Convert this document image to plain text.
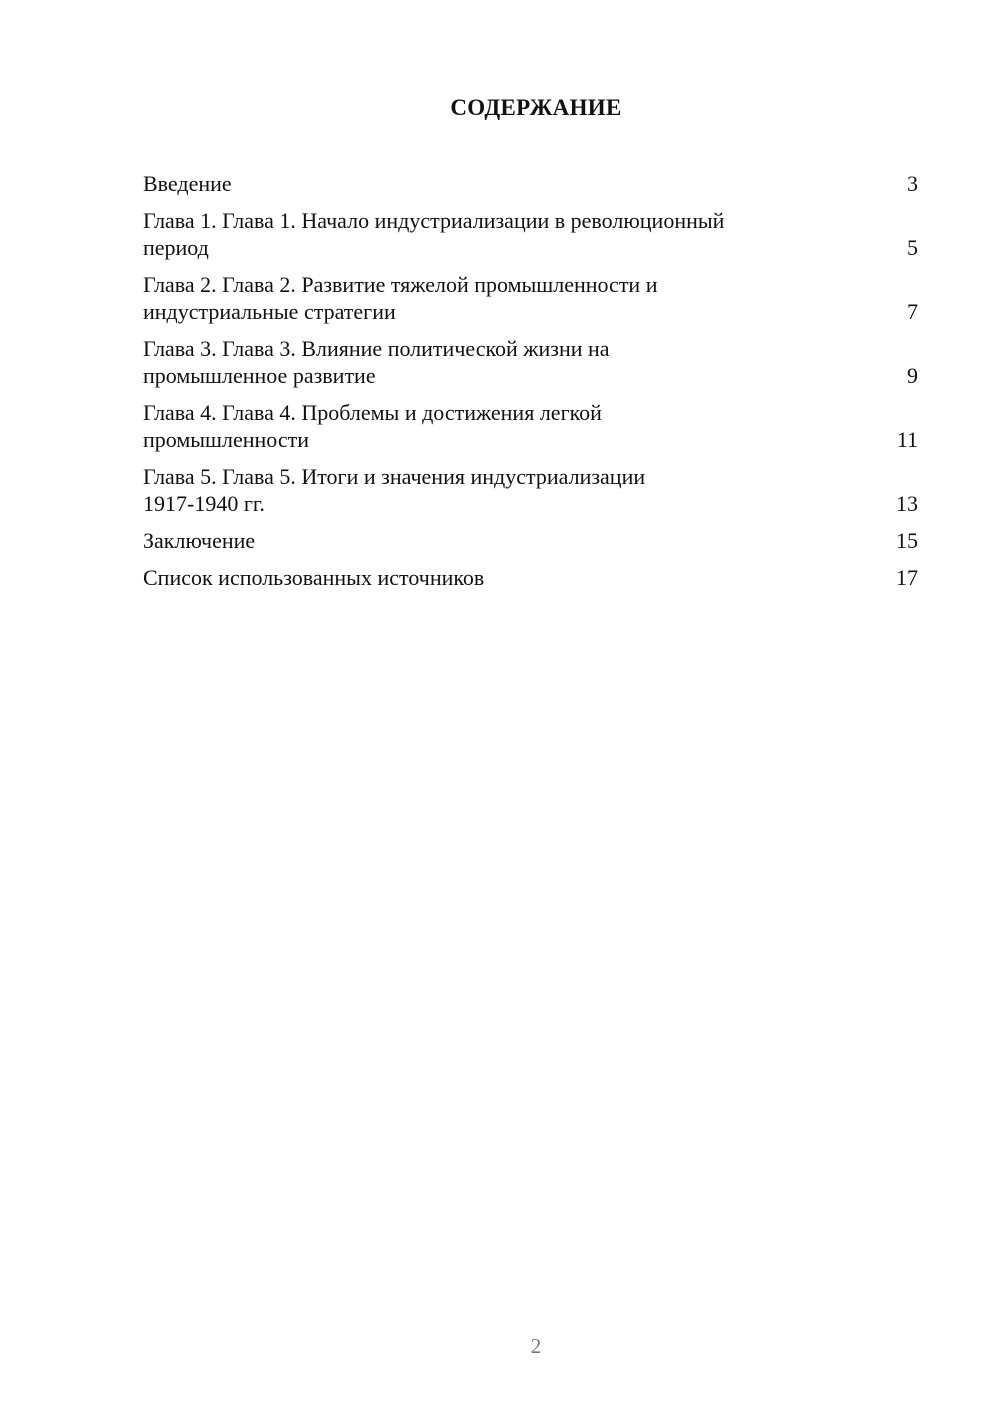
СОДЕРЖАНИЕ
Введение	3
Глава 1. Глава 1. Начало индустриализации в революционный
период	5
Глава 2. Глава 2. Развитие тяжелой промышленности и
индустриальные стратегии	7
Глава 3. Глава 3. Влияние политической жизни на
промышленное развитие	9
Глава 4. Глава 4. Проблемы и достижения легкой
промышленности	11
Глава 5. Глава 5. Итоги и значения индустриализации
1917-1940 гг.	13
Заключение	15
Список использованных источников	17
2
